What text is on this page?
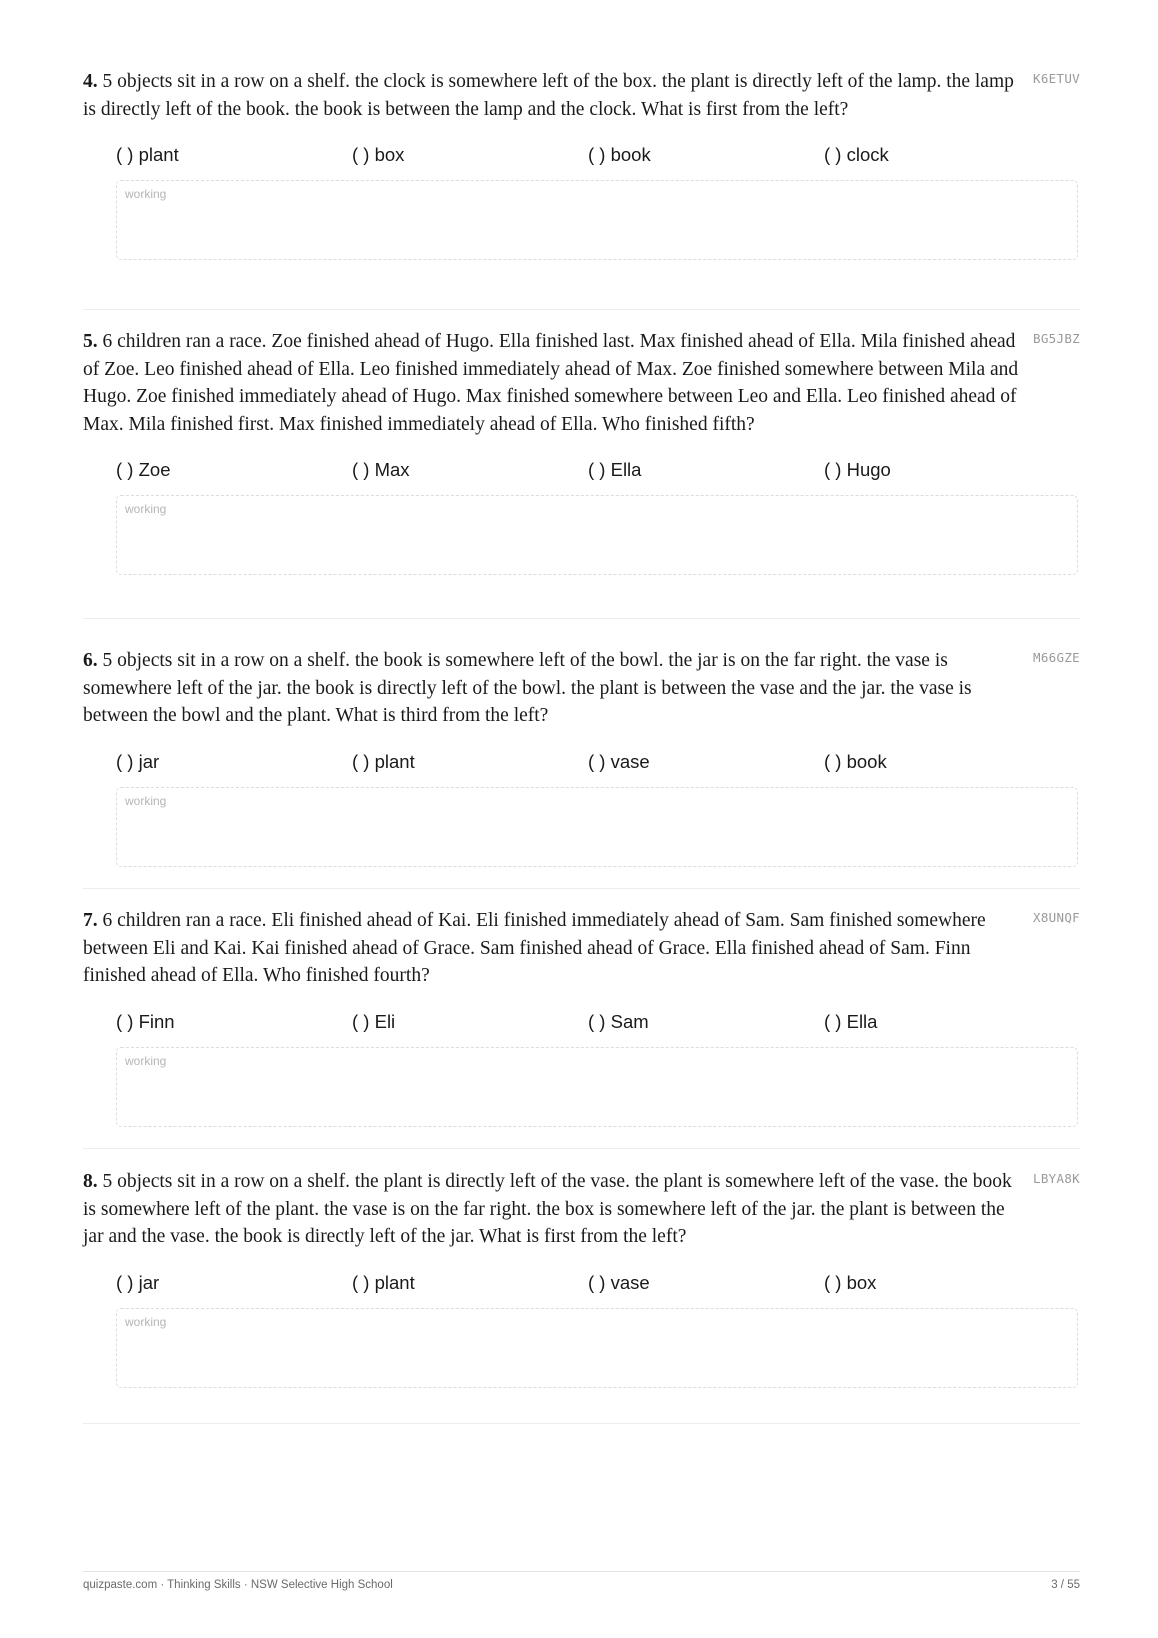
4. 5 objects sit in a row on a shelf. the clock is somewhere left of the box. the plant is directly left of the lamp. the lamp is directly left of the book. the book is between the lamp and the clock. What is first from the left?

K6ETUV
( ) plant	( ) box	( ) book	( ) clock
working

5. 6 children ran a race. Zoe finished ahead of Hugo. Ella finished last. Max finished ahead of Ella. Mila finished ahead of Zoe. Leo finished ahead of Ella. Leo finished immediately ahead of Max. Zoe finished somewhere between Mila and Hugo. Zoe finished immediately ahead of Hugo. Max finished somewhere between Leo and Ella. Leo finished ahead of Max. Mila finished first. Max finished immediately ahead of Ella. Who finished fifth?

BG5JBZ
( ) Zoe	( ) Max	( ) Ella	( ) Hugo
working

6. 5 objects sit in a row on a shelf. the book is somewhere left of the bowl. the jar is on the far right. the vase is somewhere left of the jar. the book is directly left of the bowl. the plant is between the vase and the jar. the vase is between the bowl and the plant. What is third from the left?

M66GZE
( ) jar	( ) plant	( ) vase	( ) book
working

7. 6 children ran a race. Eli finished ahead of Kai. Eli finished immediately ahead of Sam. Sam finished somewhere between Eli and Kai. Kai finished ahead of Grace. Sam finished ahead of Grace. Ella finished ahead of Sam. Finn finished ahead of Ella. Who finished fourth?

X8UNQF
( ) Finn	( ) Eli	( ) Sam	( ) Ella
working

8. 5 objects sit in a row on a shelf. the plant is directly left of the vase. the plant is somewhere left of the vase. the book is somewhere left of the plant. the vase is on the far right. the box is somewhere left of the jar. the plant is between the jar and the vase. the book is directly left of the jar. What is first from the left?

LBYA8K
( ) jar	( ) plant	( ) vase	( ) box
working
quizpaste.com · Thinking Skills · NSW Selective High School	3 / 55
